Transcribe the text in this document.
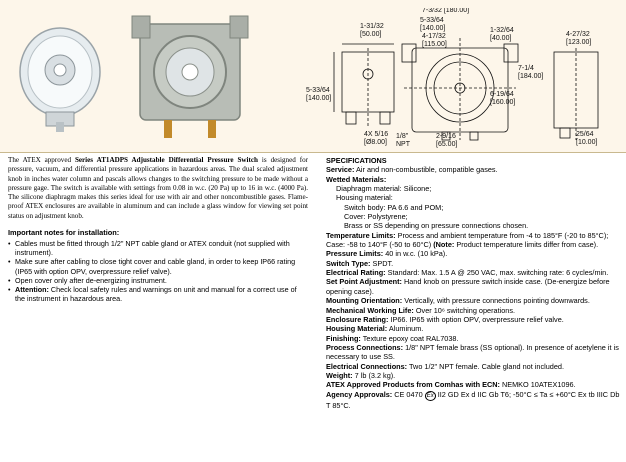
1-31/32
[50.00]
5-33/64
[140.00]
4X 5/16
[Ø8.00]
7-3/32 [180.00]
5-33/64
[140.00]
4-17/32
[115.00]
1-32/64
[40.00]
7-1/4
[184.00]
6-19/64
[160.00]
2-9/16
[65.00]
1/8"
NPT
4-27/32
[123.00]
25/64
[10.00]

The ATEX approved Series AT1ADPS Adjustable Differential Pressure Switch is designed for pressure, vacuum, and differential pressure applications in hazardous areas. The dual scaled adjustment knob in inches water column and pascals allows changes to the switching pressure to be made without a pressure gage. The switch is available with settings from 0.08 in w.c. (20 Pa) up to 16 in w.c. (4000 Pa). The silicone diaphragm makes this series ideal for use with air and other noncombustible gases. Flame-proof ATEX enclosures are available in aluminum and can include a glass window for viewing set point status on adjustment knob.

Important notes for installation:
• Cables must be fitted through 1/2" NPT cable gland or ATEX conduit (not supplied with instrument).
• Make sure after cabling to close tight cover and cable gland, in order to keep IP66 rating (IP65 with option OPV, overpressure relief valve).
• Open cover only after de-energizing instrument.
• Attention: Check local safety rules and warnings on unit and manual for a correct use of the instrument in hazardous area.

SPECIFICATIONS

Service: Air and non-combustible, compatible gases.

Wetted Materials:

Diaphragm material: Silicone;

Housing material:

Switch body: PA 6.6 and POM;

Cover: Polystyrene;

Brass or SS depending on pressure connections chosen.

Temperature Limits: Process and ambient temperature from -4 to 185°F (-20 to 85°C); Case: -58 to 140°F (-50 to 60°C) (Note: Product temperature limits differ from case).

Pressure Limits: 40 in w.c. (10 kPa).

Switch Type: SPDT.

Electrical Rating: Standard: Max. 1.5 A @ 250 VAC, max. switching rate: 6 cycles/min.

Set Point Adjustment: Hand knob on pressure switch inside case. (De-energize before opening case).

Mounting Orientation: Vertically, with pressure connections pointing downwards.

Mechanical Working Life: Over 10⁶ switching operations.

Enclosure Rating: IP66. IP65 with option OPV, overpressure relief valve.

Housing Material: Aluminum.

Finishing: Texture epoxy coat RAL7038.

Process Connections: 1/8" NPT female brass (SS optional). In presence of acetylene it is necessary to use SS.

Electrical Connections: Two 1/2" NPT female. Cable gland not included.

Weight: 7 lb (3.2 kg).

ATEX Approved Products from Comhas with ECN: NEMKO 10ATEX1096.

Agency Approvals: CE 0470 Ex II2 GD Ex d IIC Gb T6; -50°C ≤ Ta ≤ +60°C Ex tb IIIC Db T 85°C.
